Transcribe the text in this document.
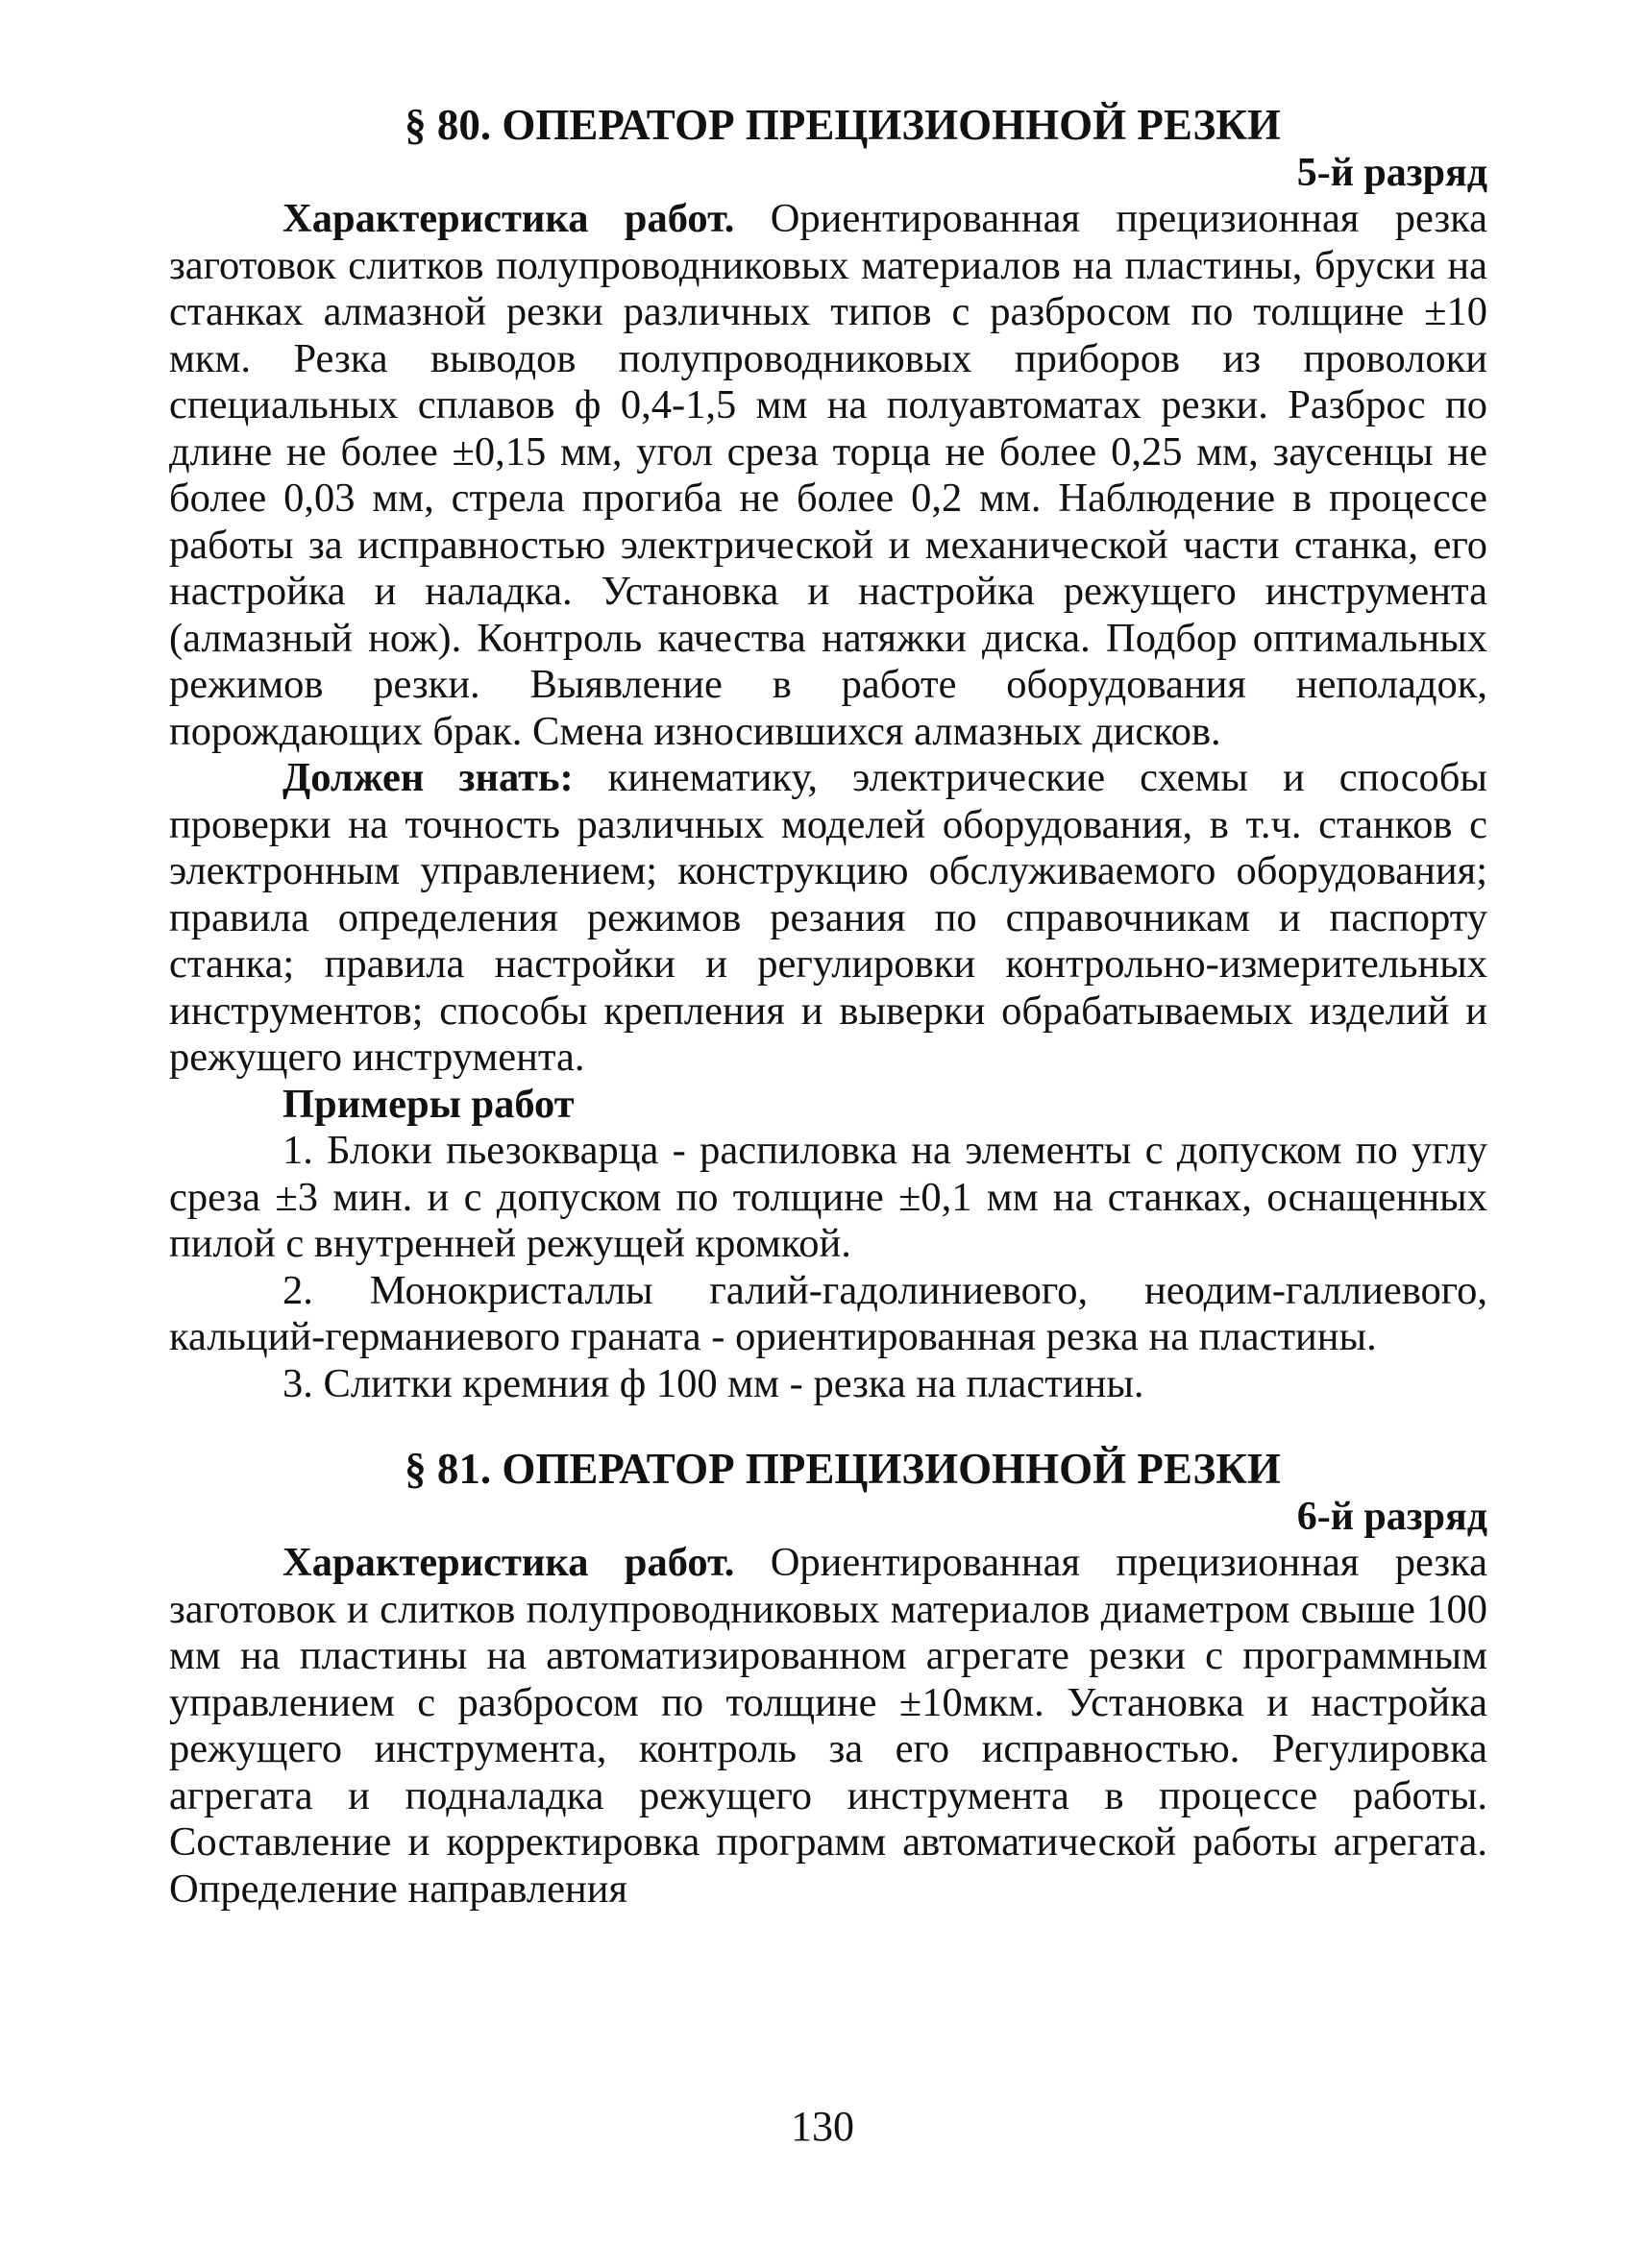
§ 80. ОПЕРАТОР ПРЕЦИЗИОННОЙ РЕЗКИ

5-й разряд

Характеристика работ. Ориентированная прецизионная резка заготовок слитков полупроводниковых материалов на пластины, бруски на станках алмазной резки различных типов с разбросом по толщине ±10 мкм. Резка выводов полупроводниковых приборов из проволоки специальных сплавов ф 0,4-1,5 мм на полуавтоматах резки. Разброс по длине не более ±0,15 мм, угол среза торца не более 0,25 мм, заусенцы не более 0,03 мм, стрела прогиба не более 0,2 мм. Наблюдение в процессе работы за исправностью электрической и механической части станка, его настройка и наладка. Установка и настройка режущего инструмента (алмазный нож). Контроль качества натяжки диска. Подбор оптимальных режимов резки. Выявление в работе оборудования неполадок, порождающих брак. Смена износившихся алмазных дисков.

Должен знать: кинематику, электрические схемы и способы проверки на точность различных моделей оборудования, в т.ч. станков с электронным управлением; конструкцию обслуживаемого оборудования; правила определения режимов резания по справочникам и паспорту станка; правила настройки и регулировки контрольно-измерительных инструментов; способы крепления и выверки обрабатываемых изделий и режущего инструмента.

Примеры работ

1. Блоки пьезокварца - распиловка на элементы с допуском по углу среза ±3 мин. и с допуском по толщине ±0,1 мм на станках, оснащенных пилой с внутренней режущей кромкой.

2. Монокристаллы галий-гадолиниевого, неодим-галлиевого, кальций-германиевого граната - ориентированная резка на пластины.

3. Слитки кремния ф 100 мм - резка на пластины.

§ 81. ОПЕРАТОР ПРЕЦИЗИОННОЙ РЕЗКИ

6-й разряд

Характеристика работ. Ориентированная прецизионная резка заготовок и слитков полупроводниковых материалов диаметром свыше 100 мм на пластины на автоматизированном агрегате резки с программным управлением с разбросом по толщине ±10мкм. Установка и настройка режущего инструмента, контроль за его исправностью. Регулировка агрегата и подналадка режущего инструмента в процессе работы. Составление и корректировка программ автоматической работы агрегата. Определение направления

130
